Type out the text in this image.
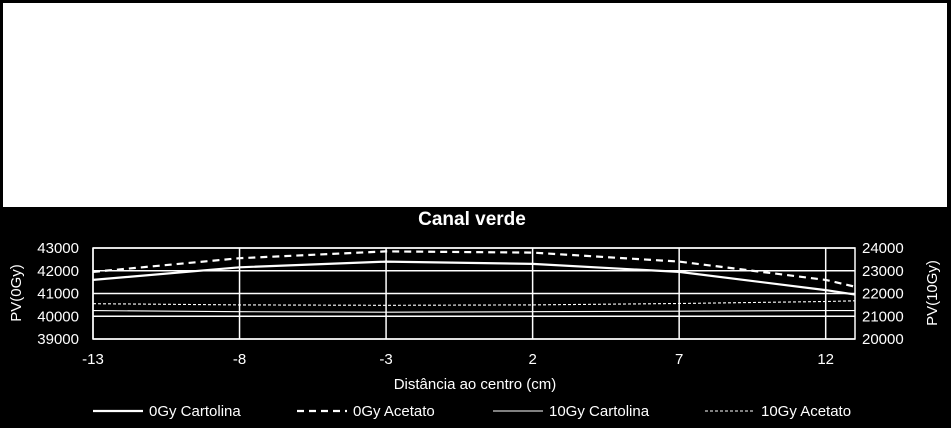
Canal verde
39000
40000
41000
42000
43000
20000
21000
22000
23000
24000
-13	-8	-3	2	7	12
PV(0Gy)	PV(10Gy)
Distância ao centro (cm)
0Gy Cartolina	0Gy Acetato	10Gy Cartolina	10Gy Acetato
